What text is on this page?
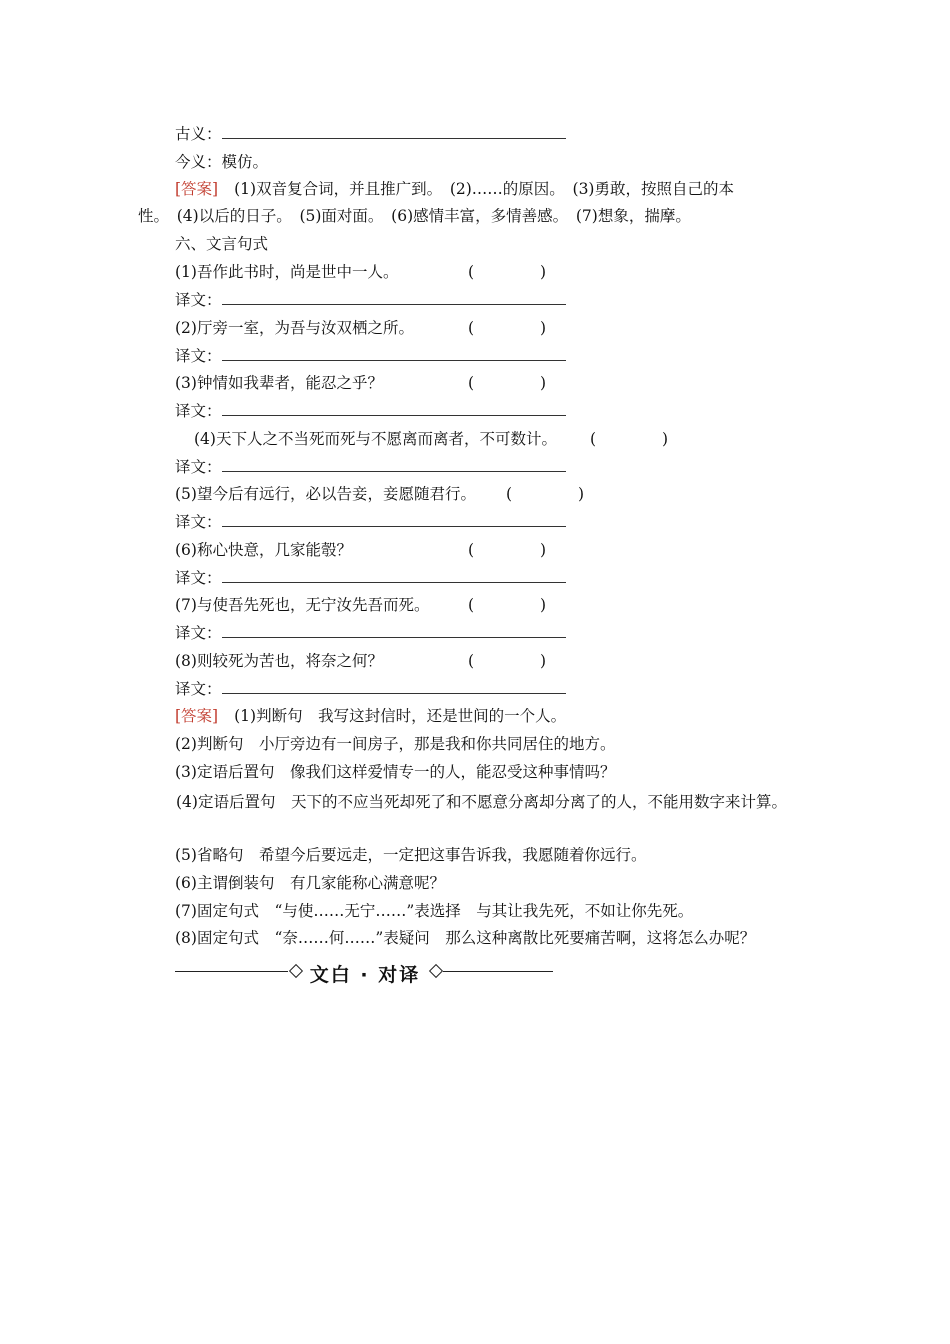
古义：
今义：模仿。
[答案] (1)双音复合词，并且推广到。　(2)……的原因。　(3)勇敢，按照自己的本
性。　(4)以后的日子。　(5)面对面。　(6)感情丰富，多情善感。　(7)想象，揣摩。
六、文言句式
(1)吾作此书时，尚是世中一人。	(	)
译文：
(2)厅旁一室，为吾与汝双栖之所。	(	)
译文：
(3)钟情如我辈者，能忍之乎？	(	)
译文：
(4)天下人之不当死而死与不愿离而离者，不可数计。 (	)
译文：
(5)望今后有远行，必以告妾，妾愿随君行。 (	)
译文：
(6)称心快意，几家能彀？	(	)
译文：
(7)与使吾先死也，无宁汝先吾而死。 (	)
译文：
(8)则较死为苦也，将奈之何？	(	)
译文：
[答案] (1)判断句　我写这封信时，还是世间的一个人。
(2)判断句　小厅旁边有一间房子，那是我和你共同居住的地方。
(3)定语后置句　像我们这样爱情专一的人，能忍受这种事情吗？
(4)定语后置句　天下的不应当死却死了和不愿意分离却分离了的人，不能用数字来计算。
(5)省略句　希望今后要远走，一定把这事告诉我，我愿随着你远行。
(6)主谓倒装句　有几家能称心满意呢？
(7)固定句式　“与使……无宁……”表选择　与其让我先死，不如让你先死。
(8)固定句式　“奈……何……”表疑问　那么这种离散比死要痛苦啊，这将怎么办呢？
文白 · 对译
